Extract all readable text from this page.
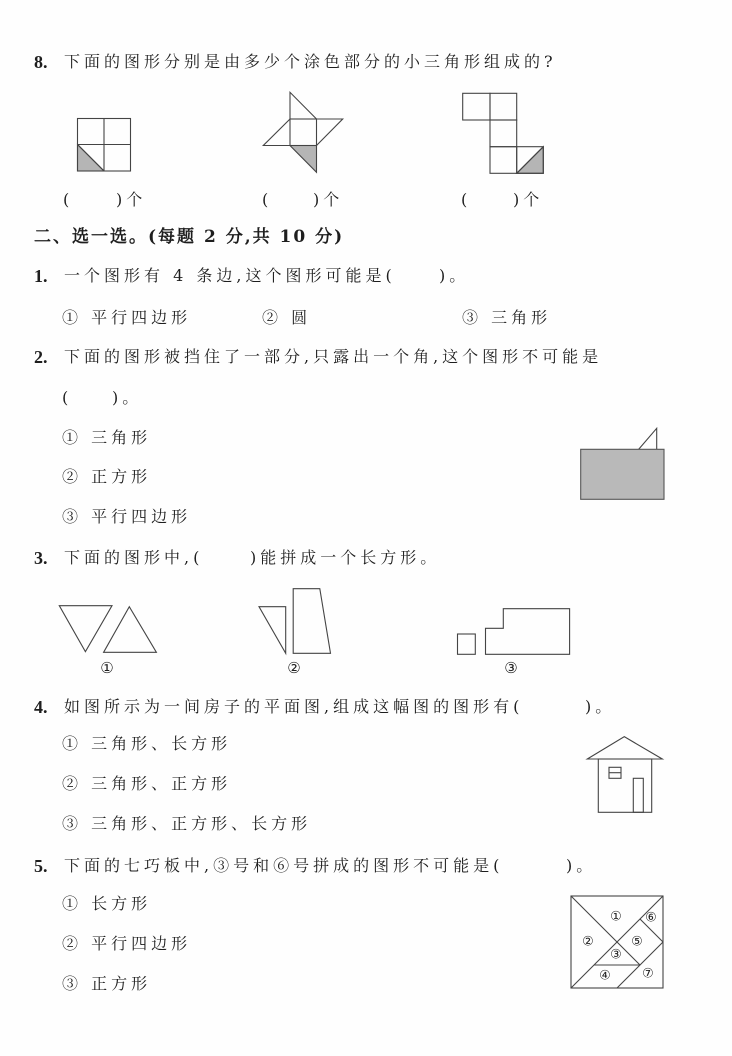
8. 下面的图形分别是由多少个涂色部分的小三角形组成的?
(	)个	(	)个	(	)个
二、选一选。(每题 2 分,共 10 分)
1. 一个图形有 4 条边,这个图形可能是(	)。
① 平行四边形	② 圆	③ 三角形
2. 下面的图形被挡住了一部分,只露出一个角,这个图形不可能是
( )。
① 三角形
② 正方形
③ 平行四边形
3. 下面的图形中,(	)能拼成一个长方形。
①	②	③
4. 如图所示为一间房子的平面图,组成这幅图的图形有(	)。
① 三角形、长方形
② 三角形、正方形
③ 三角形、正方形、长方形
5. 下面的七巧板中,③号和⑥号拼成的图形不可能是(	)。
① 长方形
② 平行四边形
③ 正方形
①
②
③
④
⑤
⑥
⑦
